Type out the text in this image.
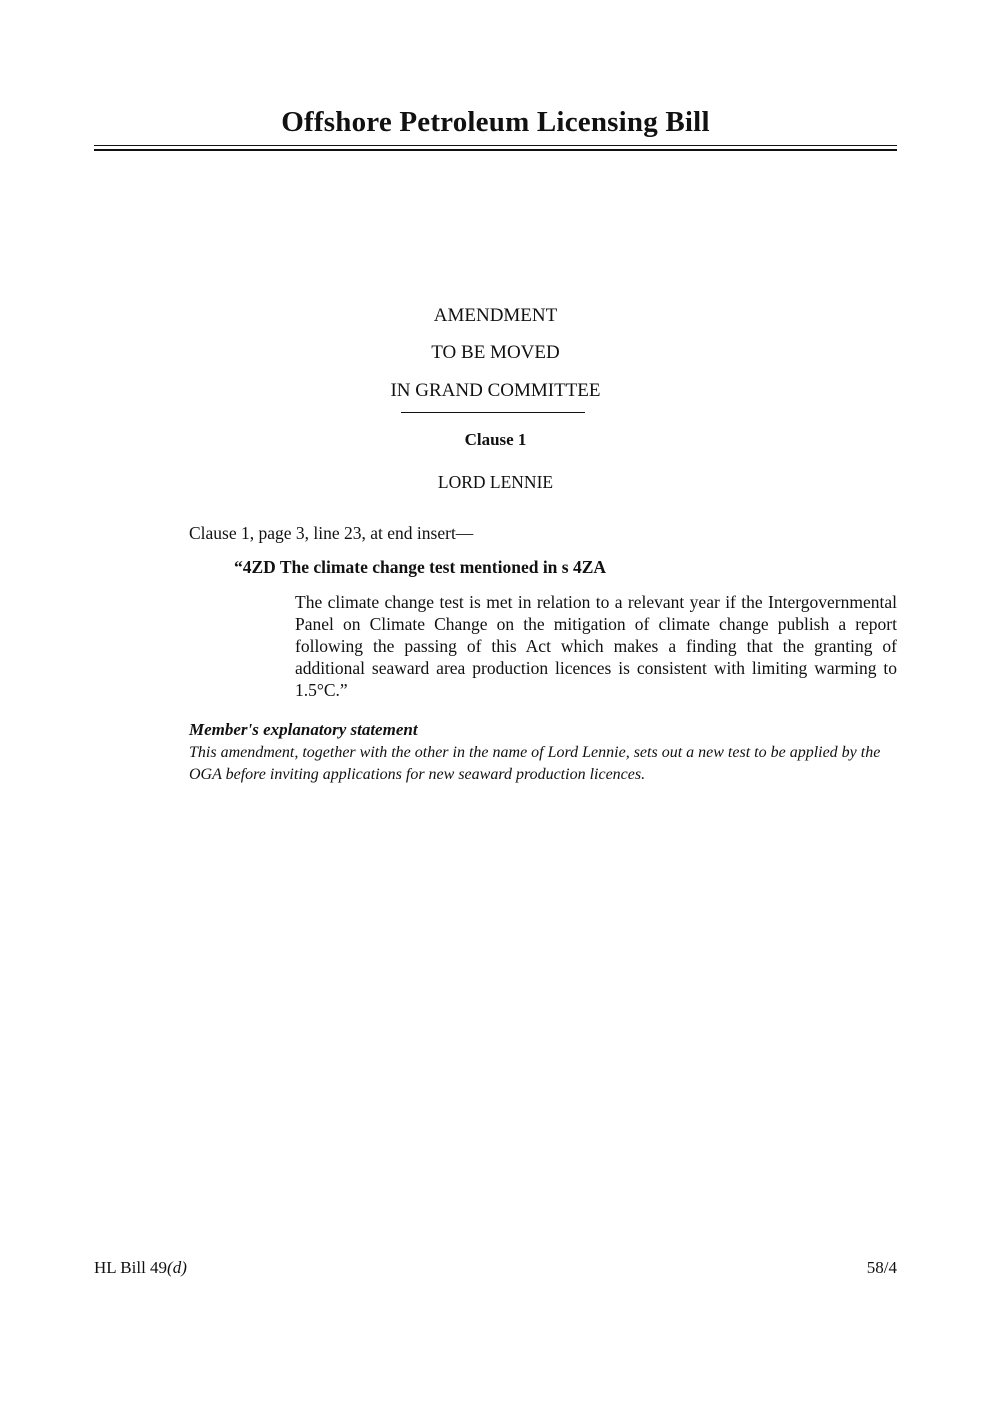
Offshore Petroleum Licensing Bill
AMENDMENT
TO BE MOVED
IN GRAND COMMITTEE
Clause 1
LORD LENNIE
Clause 1, page 3, line 23, at end insert—
“4ZD The climate change test mentioned in s 4ZA
The climate change test is met in relation to a relevant year if the Intergovernmental Panel on Climate Change on the mitigation of climate change publish a report following the passing of this Act which makes a finding that the granting of additional seaward area production licences is consistent with limiting warming to 1.5°C.”
Member's explanatory statement
This amendment, together with the other in the name of Lord Lennie, sets out a new test to be applied by the OGA before inviting applications for new seaward production licences.
HL Bill 49(d)	58/4
